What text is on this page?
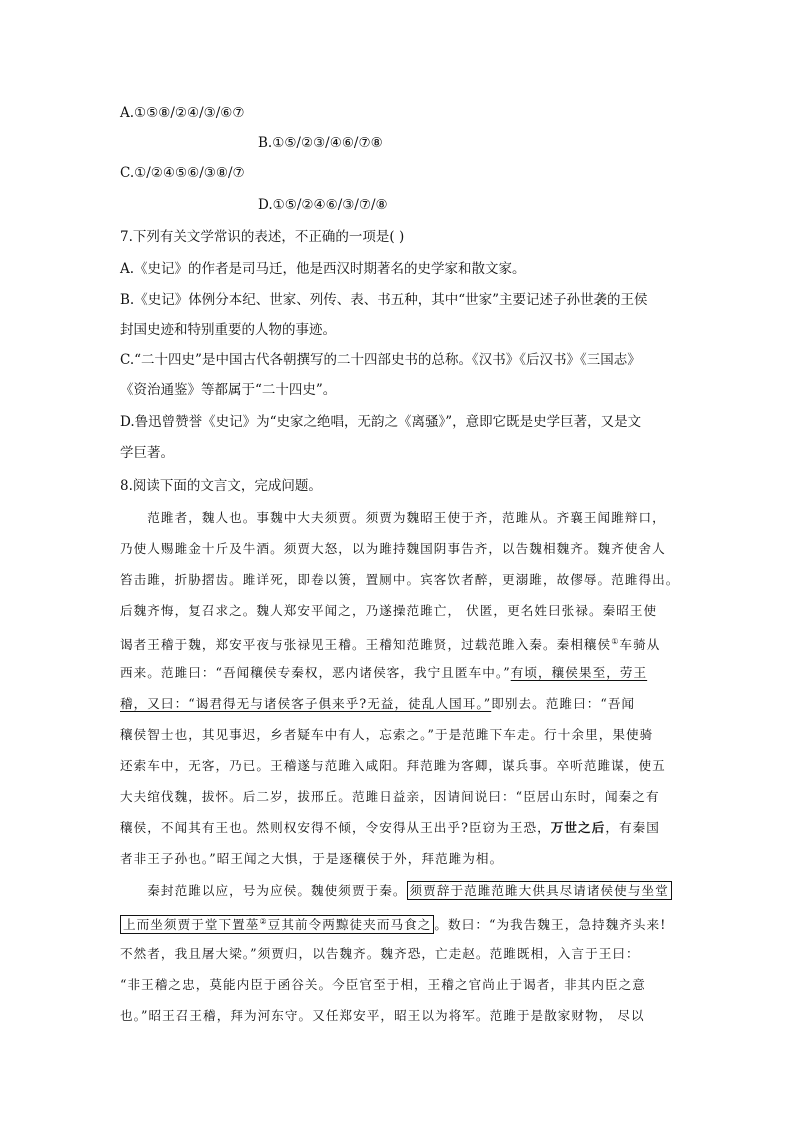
A.①⑤⑧/②④/③/⑥⑦
B.①⑤/②③/④⑥/⑦⑧
C.①/②④⑤⑥/③⑧/⑦
D.①⑤/②④⑥/③/⑦/⑧
7.下列有关文学常识的表述，不正确的一项是( )
A.《史记》的作者是司马迁，他是西汉时期著名的史学家和散文家。
B.《史记》体例分本纪、世家、列传、表、书五种，其中“世家”主要记述子孙世袭的王侯
封国史迹和特别重要的人物的事迹。
C.“二十四史”是中国古代各朝撰写的二十四部史书的总称。《汉书》《后汉书》《三国志》
《资治通鉴》等都属于“二十四史”。
D.鲁迅曾赞誉《史记》为“史家之绝唱，无韵之《离骚》”，意即它既是史学巨著，又是文
学巨著。
8.阅读下面的文言文，完成问题。
　　范雎者，魏人也。事魏中大夫须贾。须贾为魏昭王使于齐，范雎从。齐襄王闻雎辩口，
乃使人赐雎金十斤及牛酒。须贾大怒，以为雎持魏国阴事告齐，以告魏相魏齐。魏齐使舍人
笞击雎，折胁摺齿。雎详死，即卷以箦，置厕中。宾客饮者醉，更溺雎，故僇辱。范雎得出。
后魏齐悔，复召求之。魏人郑安平闻之，乃遂操范雎亡， 伏匿，更名姓曰张禄。秦昭王使
谒者王稽于魏，郑安平夜与张禄见王稽。王稽知范雎贤，过载范雎入秦。秦相穰侯①车骑从
西来。范雎曰：“吾闻穰侯专秦权，恶内诸侯客，我宁且匿车中。”有顷，穰侯果至，劳王
稽，又曰：“谒君得无与诸侯客子俱来乎?无益，徒乱人国耳。”即别去。范雎曰：“吾闻
穰侯智士也，其见事迟，乡者疑车中有人，忘索之。”于是范雎下车走。行十余里，果使骑
还索车中，无客，乃已。王稽遂与范雎入咸阳。拜范雎为客卿，谋兵事。卒听范雎谋，使五
大夫绾伐魏，拔怀。后二岁，拔邢丘。范雎日益亲，因请间说曰：“臣居山东时，闻秦之有
穰侯，不闻其有王也。然则权安得不倾，令安得从王出乎?臣窃为王恐，万世之后，有秦国
者非王子孙也。”昭王闻之大惧，于是逐穰侯于外，拜范雎为相。
　　秦封范雎以应，号为应侯。魏使须贾于秦。 须贾辞于范雎范雎大供具尽请诸侯使与坐堂
上而坐须贾于堂下置莝②豆其前令两黥徒夹而马食之 。数曰：“为我告魏王，急持魏齐头来!
不然者，我且屠大梁。”须贾归，以告魏齐。魏齐恐，亡走赵。范雎既相，入言于王曰：
“非王稽之忠，莫能内臣于函谷关。今臣官至于相，王稽之官尚止于谒者，非其内臣之意
也。”昭王召王稽，拜为河东守。又任郑安平，昭王以为将军。范雎于是散家财物， 尽以
